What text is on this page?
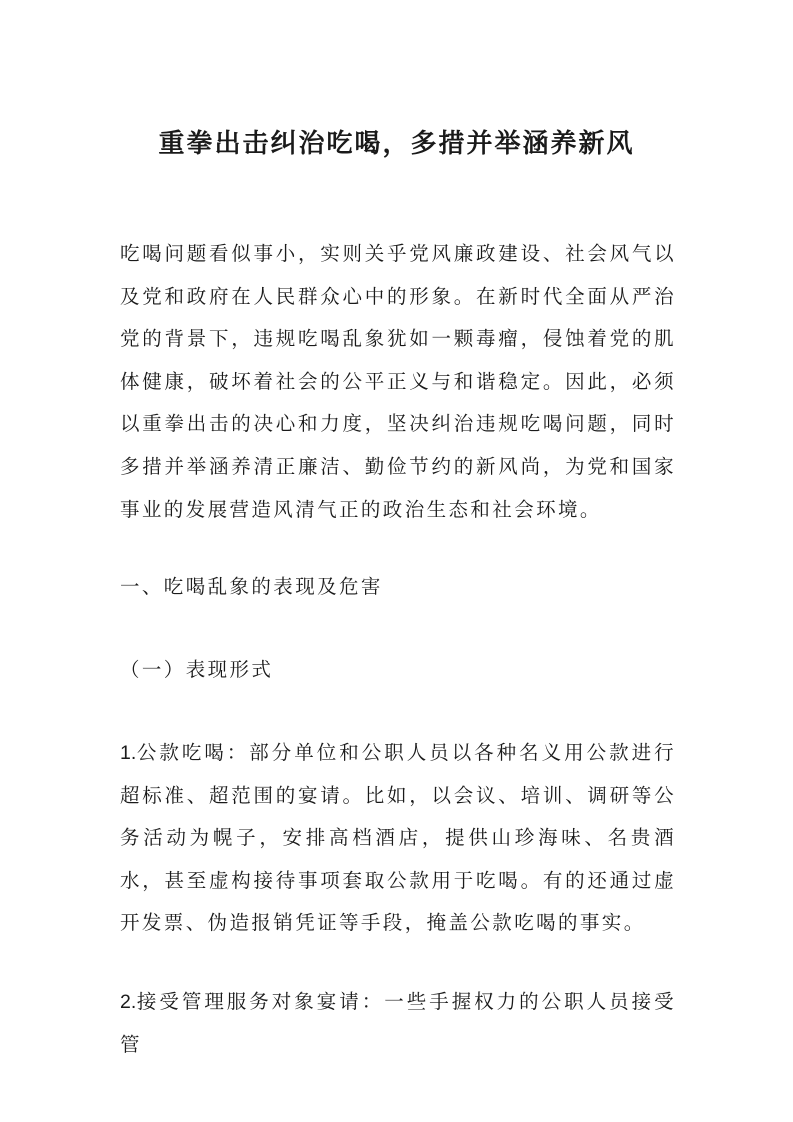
重拳出击纠治吃喝，多措并举涵养新风

吃喝问题看似事小，实则关乎党风廉政建设、社会风气以及党和政府在人民群众心中的形象。在新时代全面从严治党的背景下，违规吃喝乱象犹如一颗毒瘤，侵蚀着党的肌体健康，破坏着社会的公平正义与和谐稳定。因此，必须以重拳出击的决心和力度，坚决纠治违规吃喝问题，同时多措并举涵养清正廉洁、勤俭节约的新风尚，为党和国家事业的发展营造风清气正的政治生态和社会环境。

一、吃喝乱象的表现及危害

（一）表现形式

1.公款吃喝：部分单位和公职人员以各种名义用公款进行超标准、超范围的宴请。比如，以会议、培训、调研等公务活动为幌子，安排高档酒店，提供山珍海味、名贵酒水，甚至虚构接待事项套取公款用于吃喝。有的还通过虚开发票、伪造报销凭证等手段，掩盖公款吃喝的事实。

2.接受管理服务对象宴请：一些手握权力的公职人员接受管
